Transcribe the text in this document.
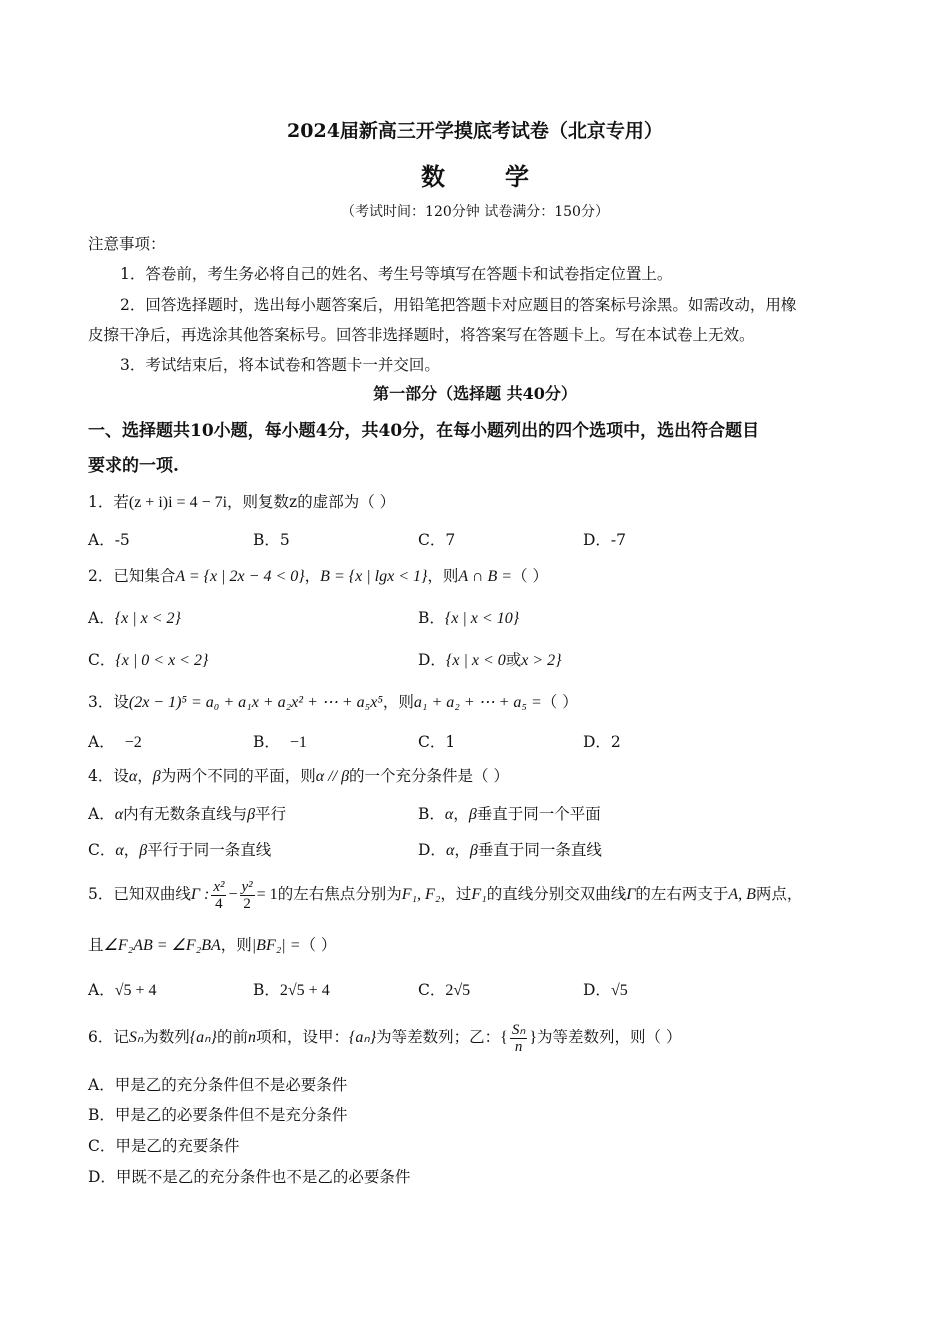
2024届新高三开学摸底考试卷（北京专用）
数学
（考试时间：120分钟 试卷满分：150分）
注意事项：
1．答卷前，考生务必将自己的姓名、考生号等填写在答题卡和试卷指定位置上。
2．回答选择题时，选出每小题答案后，用铅笔把答题卡对应题目的答案标号涂黑。如需改动，用橡
皮擦干净后，再选涂其他答案标号。回答非选择题时，将答案写在答题卡上。写在本试卷上无效。
3．考试结束后，将本试卷和答题卡一并交回。
第一部分（选择题 共40分）
一、选择题共10小题，每小题4分，共40分，在每小题列出的四个选项中，选出符合题目
要求的一项.
1．若(z + i)i = 4 − 7i，则复数z的虚部为（ ）
A．-5	B．5	C．7	D．-7
2．已知集合A = {x | 2x − 4 < 0}，B = {x | lgx < 1}，则A ∩ B =（ ）
A．{x | x < 2}	B．{x | x < 10}
C．{x | 0 < x < 2}	D．{x | x < 0或x > 2}
3．设(2x − 1)⁵ = a₀ + a₁x + a₂x² + ⋯ + a₅x⁵，则a₁ + a₂ + ⋯ + a₅ =（ ）
A． −2	B． −1	C．1	D．2
4．设α，β为两个不同的平面，则α // β的一个充分条件是（ ）
A．α内有无数条直线与β平行	B．α，β垂直于同一个平面
C．α，β平行于同一条直线	D．α，β垂直于同一条直线
5．已知双曲线Γ : $\frac{\text{x²}}{4} - \frac{\text{y²}}{2} = 1$的左右焦点分别为F₁, F₂，过F₁的直线分别交双曲线Γ的左右两支于A, B两点，
且∠F₂AB = ∠F₂BA，则|BF₂| =（ ）
A．√5 + 4	B．2√5 + 4	C．2√5	D．√5
6．记Sₙ为数列{aₙ}的前n项和，设甲：{aₙ}为等差数列；乙：{ $\frac{\text{Sₙ}}{n}$ }为等差数列，则（ ）
A．甲是乙的充分条件但不是必要条件
B．甲是乙的必要条件但不是充分条件
C．甲是乙的充要条件
D．甲既不是乙的充分条件也不是乙的必要条件
